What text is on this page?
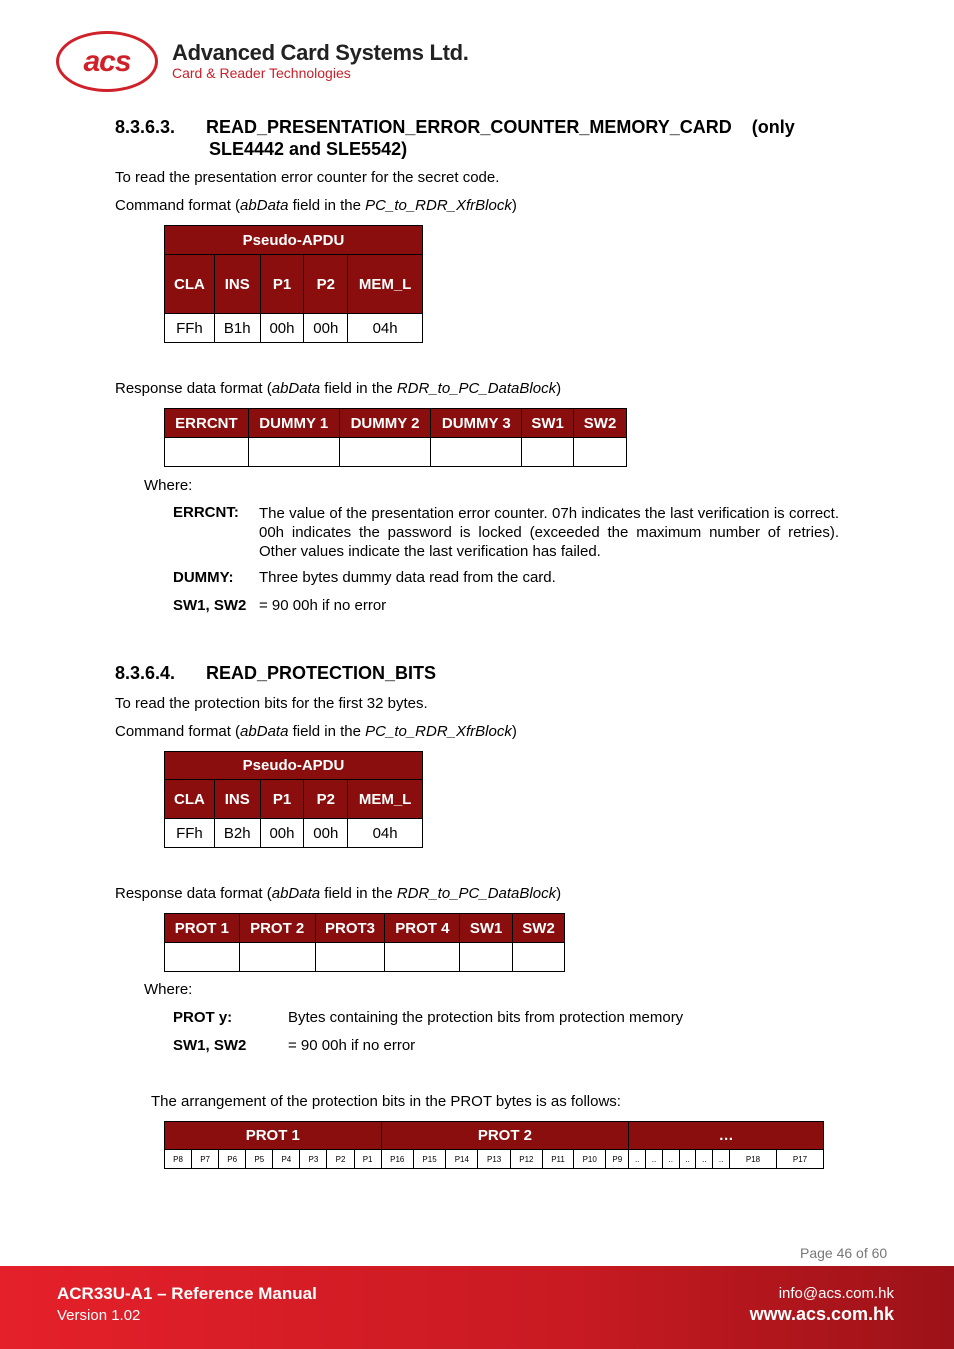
acs Advanced Card Systems Ltd.
Card & Reader Technologies
8.3.6.3. READ_PRESENTATION_ERROR_COUNTER_MEMORY_CARD    (only
SLE4442 and SLE5542)

To read the presentation error counter for the secret code.

Command format (abData field in the PC_to_RDR_XfrBlock)

Pseudo-APDU				
CLA	INS	P1	P2	MEM_L
FFh	B1h	00h	00h	04h

Response data format (abData field in the RDR_to_PC_DataBlock)

ERRCNT	DUMMY 1	DUMMY 2	DUMMY 3	SW1	SW2

Where:

ERRCNT: The value of the presentation error counter. 07h indicates the last verification is correct. 00h indicates the password is locked (exceeded the maximum number of retries). Other values indicate the last verification has failed.
DUMMY: Three bytes dummy data read from the card.
SW1, SW2 = 90 00h if no error
8.3.6.4. READ_PROTECTION_BITS

To read the protection bits for the first 32 bytes.

Command format (abData field in the PC_to_RDR_XfrBlock)

Pseudo-APDU				
CLA	INS	P1	P2	MEM_L
FFh	B2h	00h	00h	04h

Response data format (abData field in the RDR_to_PC_DataBlock)

PROT 1	PROT 2	PROT3	PROT 4	SW1	SW2

Where:

PROT y:	Bytes containing the protection bits from protection memory
SW1, SW2	= 90 00h if no error

The arrangement of the protection bits in the PROT bytes is as follows:

PROT 1								PROT 2								…							
P8	P7	P6	P5	P4	P3	P2	P1	P16	P15	P14	P13	P12	P11	P10	P9	..	..	..	..	..	..	P18	P17
Page 46 of 60
ACR33U-A1 – Reference Manual
Version 1.02
info@acs.com.hk
www.acs.com.hk
